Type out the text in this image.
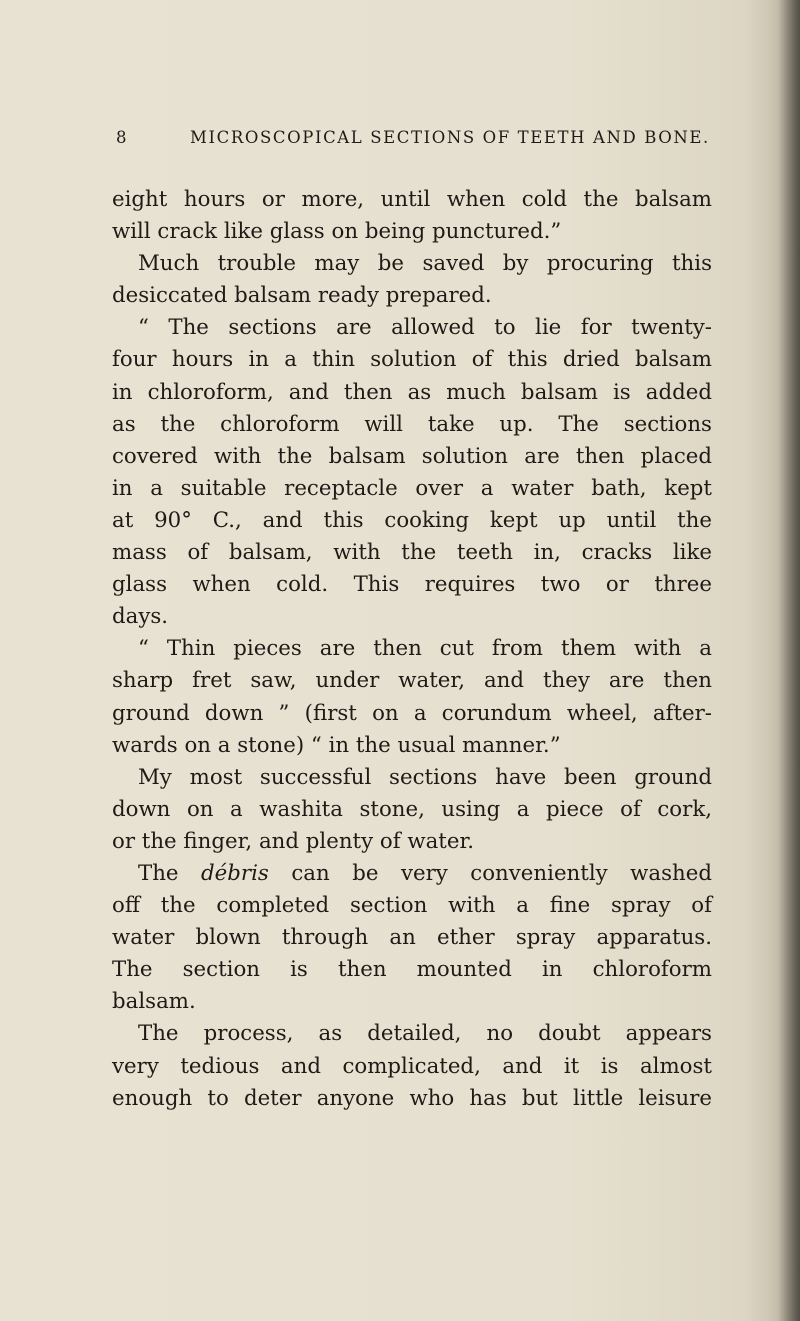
8	MICROSCOPICAL SECTIONS OF TEETH AND BONE.
eight hours or more, until when cold the balsam
will crack like glass on being punctured.”
Much trouble may be saved by procuring this
desiccated balsam ready prepared.
“ The sections are allowed to lie for twenty-
four hours in a thin solution of this dried balsam
in chloroform, and then as much balsam is added
as the chloroform will take up. The sections
covered with the balsam solution are then placed
in a suitable receptacle over a water bath, kept
at 90° C., and this cooking kept up until the
mass of balsam, with the teeth in, cracks like
glass when cold. This requires two or three
days.
“ Thin pieces are then cut from them with a
sharp fret saw, under water, and they are then
ground down ” (first on a corundum wheel, after-
wards on a stone) “ in the usual manner.”
My most successful sections have been ground
down on a washita stone, using a piece of cork,
or the finger, and plenty of water.
The débris can be very conveniently washed
off the completed section with a fine spray of
water blown through an ether spray apparatus.
The section is then mounted in chloroform
balsam.
The process, as detailed, no doubt appears
very tedious and complicated, and it is almost
enough to deter anyone who has but little leisure
